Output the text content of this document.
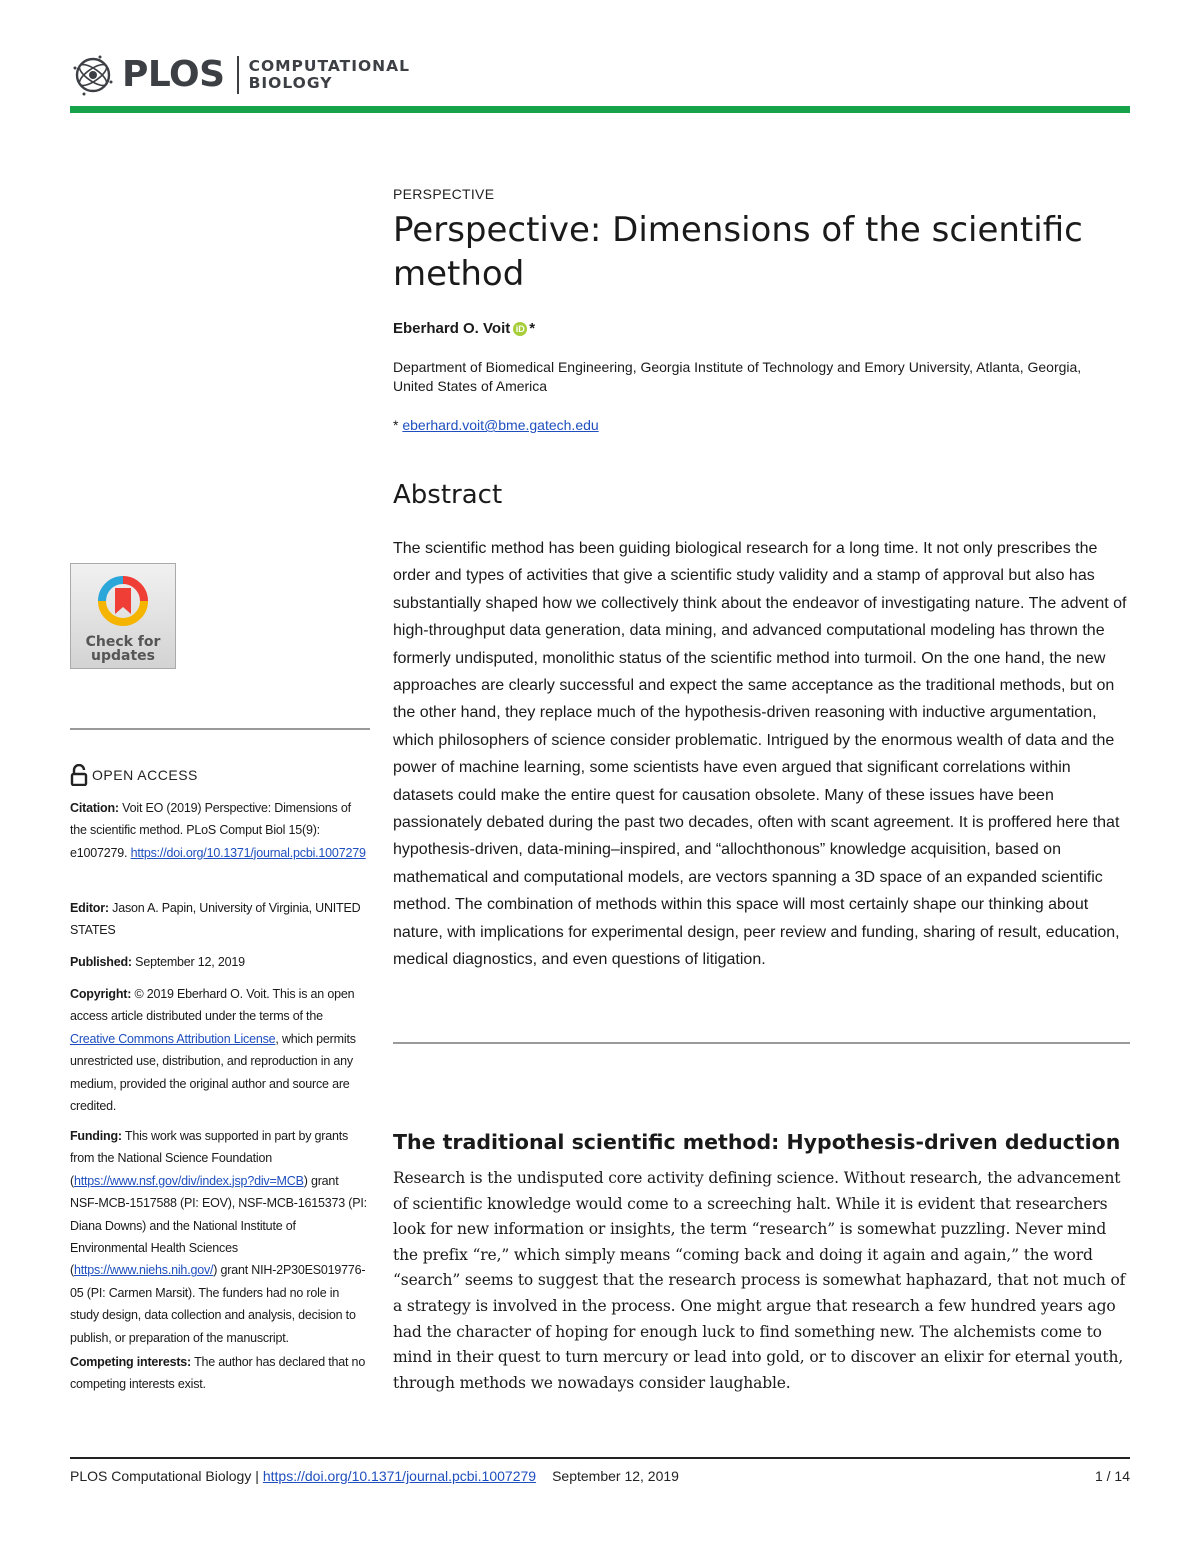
PLOS COMPUTATIONAL
BIOLOGY
PERSPECTIVE
Perspective: Dimensions of the scientific method
Eberhard O. Voit iD *
Department of Biomedical Engineering, Georgia Institute of Technology and Emory University, Atlanta, Georgia, United States of America
* eberhard.voit@bme.gatech.edu
Abstract

The scientific method has been guiding biological research for a long time. It not only prescribes the order and types of activities that give a scientific study validity and a stamp of approval but also has substantially shaped how we collectively think about the endeavor of investigating nature. The advent of high-throughput data generation, data mining, and advanced computational modeling has thrown the formerly undisputed, monolithic status of the scientific method into turmoil. On the one hand, the new approaches are clearly successful and expect the same acceptance as the traditional methods, but on the other hand, they replace much of the hypothesis-driven reasoning with inductive argumentation, which philosophers of science consider problematic. Intrigued by the enormous wealth of data and the power of machine learning, some scientists have even argued that significant correlations within datasets could make the entire quest for causation obsolete. Many of these issues have been passionately debated during the past two decades, often with scant agreement. It is proffered here that hypothesis-driven, data-mining–inspired, and “allochthonous” knowledge acquisition, based on mathematical and computational models, are vectors spanning a 3D space of an expanded scientific method. The combination of methods within this space will most certainly shape our thinking about nature, with implications for experimental design, peer review and funding, sharing of result, education, medical diagnostics, and even questions of litigation.

The traditional scientific method: Hypothesis-driven deduction

Research is the undisputed core activity defining science. Without research, the advancement of scientific knowledge would come to a screeching halt. While it is evident that researchers look for new information or insights, the term “research” is somewhat puzzling. Never mind the prefix “re,” which simply means “coming back and doing it again and again,” the word “search” seems to suggest that the research process is somewhat haphazard, that not much of a strategy is involved in the process. One might argue that research a few hundred years ago had the character of hoping for enough luck to find something new. The alchemists come to mind in their quest to turn mercury or lead into gold, or to discover an elixir for eternal youth, through methods we nowadays consider laughable.

Check for
updates
OPEN ACCESS
Citation: Voit EO (2019) Perspective: Dimensions of the scientific method. PLoS Comput Biol 15(9): e1007279. https://doi.org/10.1371/journal.pcbi.1007279
Editor: Jason A. Papin, University of Virginia, UNITED STATES
Published: September 12, 2019
Copyright: © 2019 Eberhard O. Voit. This is an open access article distributed under the terms of the Creative Commons Attribution License, which permits unrestricted use, distribution, and reproduction in any medium, provided the original author and source are credited.
Funding: This work was supported in part by grants from the National Science Foundation (https://www.nsf.gov/div/index.jsp?div=MCB) grant NSF-MCB-1517588 (PI: EOV), NSF-MCB-1615373 (PI: Diana Downs) and the National Institute of Environmental Health Sciences (https://www.niehs.nih.gov/) grant NIH-2P30ES019776-05 (PI: Carmen Marsit). The funders had no role in study design, data collection and analysis, decision to publish, or preparation of the manuscript.
Competing interests: The author has declared that no competing interests exist.
PLOS Computational Biology | https://doi.org/10.1371/journal.pcbi.1007279 September 12, 2019	1 / 14
